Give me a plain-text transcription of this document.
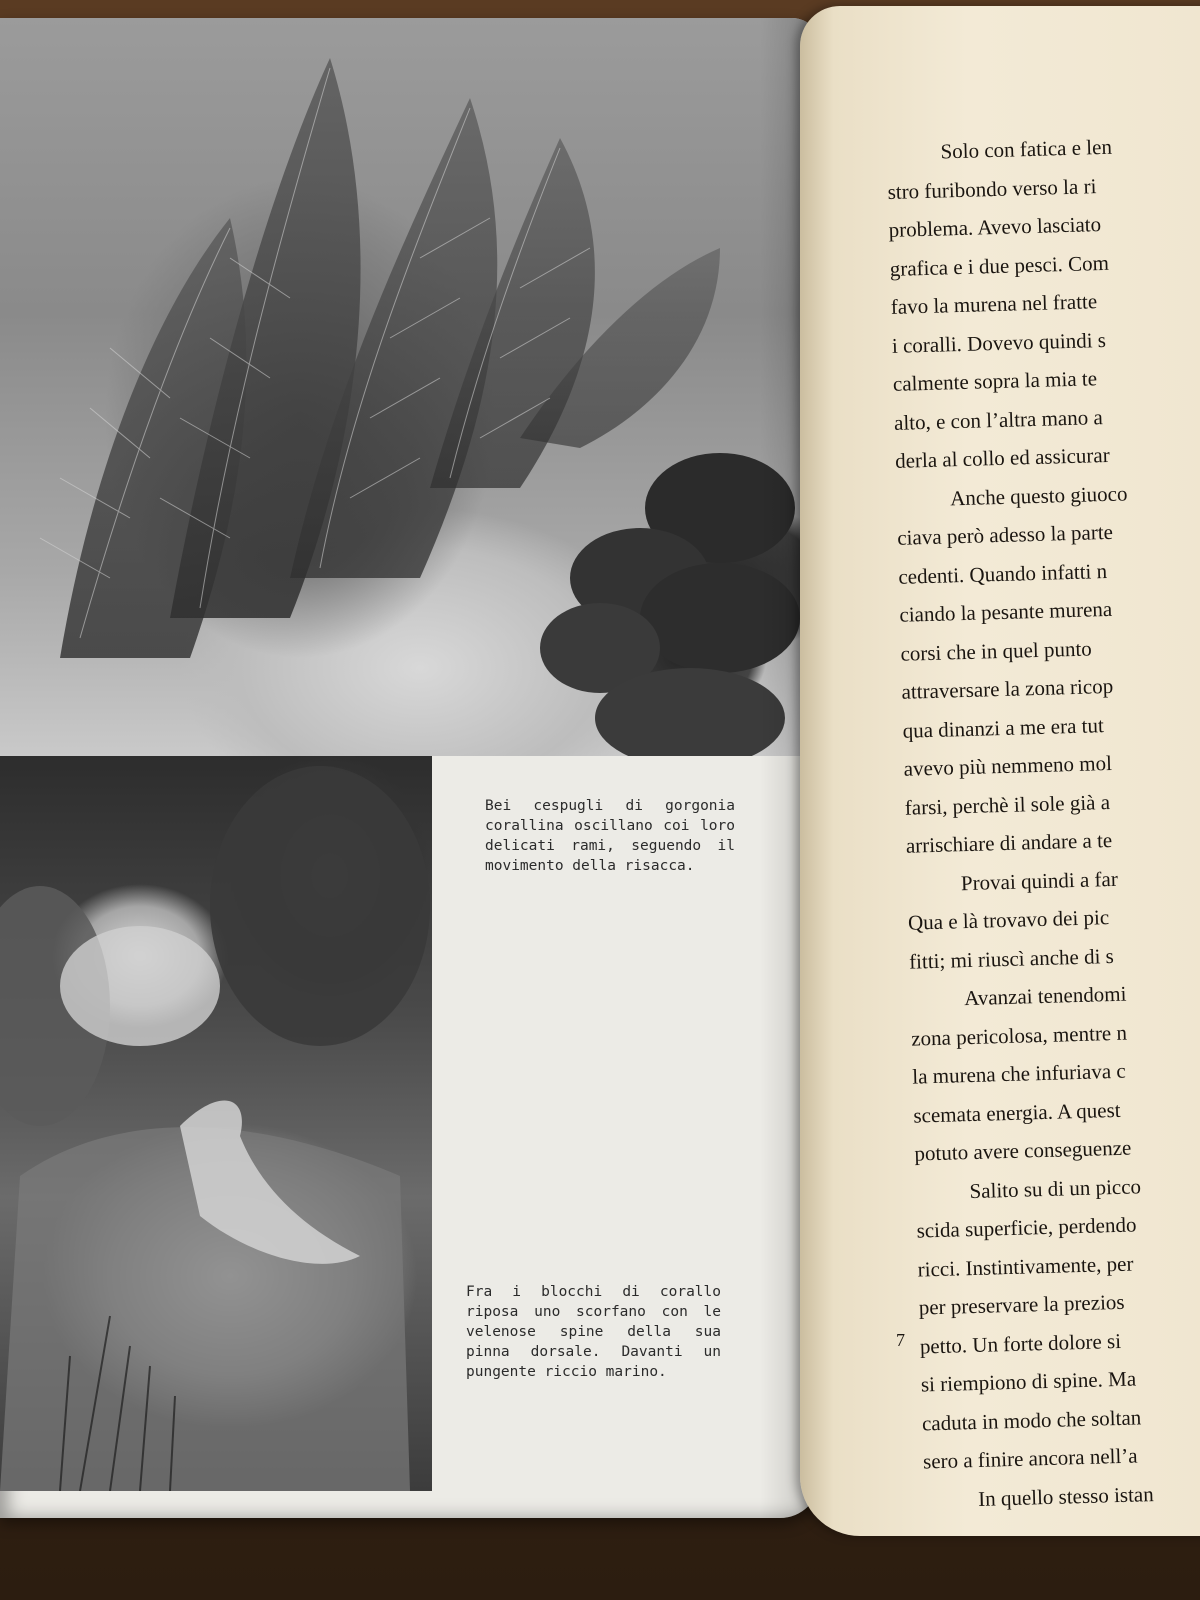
Bei cespugli di gorgonia corallina oscillano coi loro delicati rami, seguendo il movimento della risacca.
Fra i blocchi di corallo riposa uno scorfano con le velenose spine della sua pinna dorsale. Davanti un pungente riccio marino.
Solo con fatica e len
stro furibondo verso la ri
problema. Avevo lasciato
grafica e i due pesci. Com
favo la murena nel fratte
i coralli. Dovevo quindi s
calmente sopra la mia te
alto, e con l’altra mano a
derla al collo ed assicurar
Anche questo giuoco
ciava però adesso la parte
cedenti. Quando infatti n
ciando la pesante murena
corsi che in quel punto
attraversare la zona ricop
qua dinanzi a me era tut
avevo più nemmeno mol
farsi, perchè il sole già a
arrischiare di andare a te
Provai quindi a far
Qua e là trovavo dei pic
fitti; mi riuscì anche di s
Avanzai tenendomi
zona pericolosa, mentre n
la murena che infuriava c
scemata energia. A quest
potuto avere conseguenze
Salito su di un picco
scida superficie, perdendo
ricci. Instintivamente, per
per preservare la prezios
petto. Un forte dolore si
si riempiono di spine. Ma
caduta in modo che soltan
sero a finire ancora nell’a
In quello stesso istan
7
